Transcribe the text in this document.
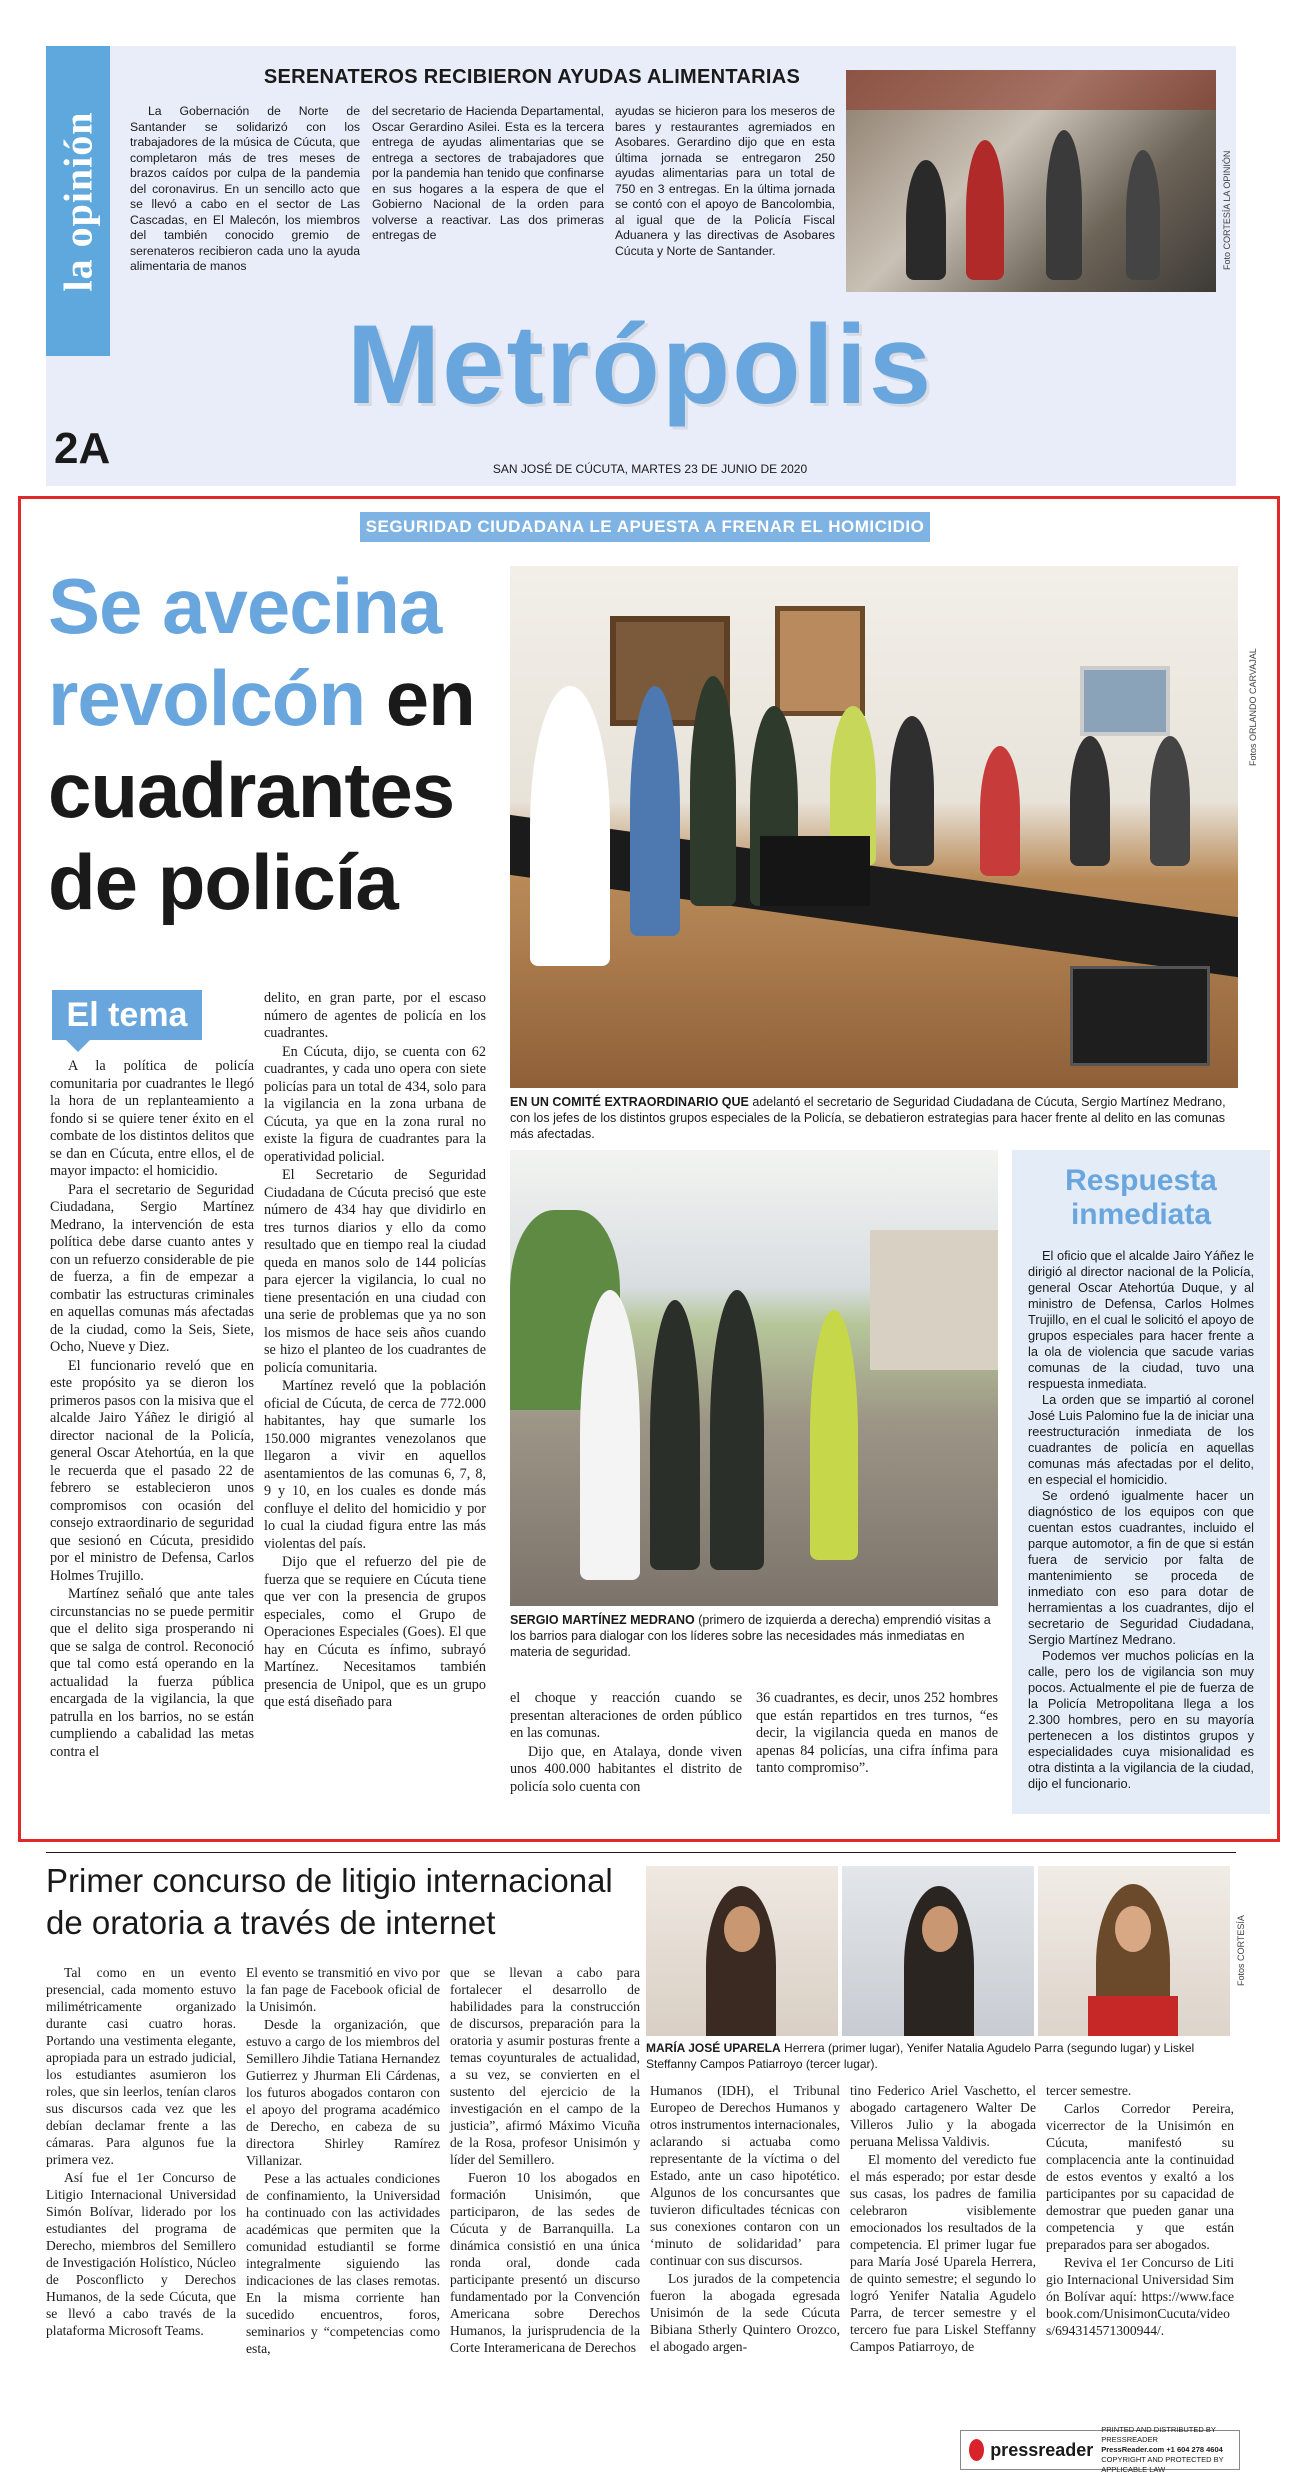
la opinión
SERENATEROS RECIBIERON AYUDAS ALIMENTARIAS

La Gobernación de Norte de Santander se solidarizó con los trabajadores de la música de Cúcuta, que completaron más de tres meses de brazos caídos por culpa de la pandemia del coronavirus. En un sencillo acto que se llevó a cabo en el sector de Las Cascadas, en El Malecón, los miembros del también conocido gremio de serenateros recibieron cada uno la ayuda alimentaria de manos

del secretario de Hacienda Departamental, Oscar Gerardino Asilei. Esta es la tercera entrega de ayudas alimentarias que se entrega a sectores de trabajadores que por la pandemia han tenido que confinarse en sus hogares a la espera de que el Gobierno Nacional de la orden para volverse a reactivar. Las dos primeras entregas de

ayudas se hicieron para los meseros de bares y restaurantes agremiados en Asobares. Gerardino dijo que en esta última jornada se entregaron 250 ayudas alimentarias para un total de 750 en 3 entregas. En la última jornada se contó con el apoyo de Bancolombia, al igual que de la Policía Fiscal Aduanera y las directivas de Asobares Cúcuta y Norte de Santander.	Foto CORTESÍA LA OPINIÓN
Metrópolis
2A	SAN JOSÉ DE CÚCUTA, MARTES 23 DE JUNIO DE 2020
SEGURIDAD CIUDADANA LE APUESTA A FRENAR EL HOMICIDIO
Se avecina
revolcón en
cuadrantes
de policía
Fotos ORLANDO CARVAJAL
EN UN COMITÉ EXTRAORDINARIO QUE adelantó el secretario de Seguridad Ciudadana de Cúcuta, Sergio Martínez Medrano, con los jefes de los distintos grupos especiales de la Policía, se debatieron estrategias para hacer frente al delito en las comunas más afectadas.
El tema

A la política de policía comunitaria por cuadrantes le llegó la hora de un replanteamiento a fondo si se quiere tener éxito en el combate de los distintos delitos que se dan en Cúcuta, entre ellos, el de mayor impacto: el homicidio.

Para el secretario de Seguridad Ciudadana, Sergio Martínez Medrano, la intervención de esta política debe darse cuanto antes y con un refuerzo considerable de pie de fuerza, a fin de empezar a combatir las estructuras criminales en aquellas comunas más afectadas de la ciudad, como la Seis, Siete, Ocho, Nueve y Diez.

El funcionario reveló que en este propósito ya se dieron los primeros pasos con la misiva que el alcalde Jairo Yáñez le dirigió al director nacional de la Policía, general Oscar Atehortúa, en la que le recuerda que el pasado 22 de febrero se establecieron unos compromisos con ocasión del consejo extraordinario de seguridad que sesionó en Cúcuta, presidido por el ministro de Defensa, Carlos Holmes Trujillo.

Martínez señaló que ante tales circunstancias no se puede permitir que el delito siga prosperando ni que se salga de control. Reconoció que tal como está operando en la actualidad la fuerza pública encargada de la vigilancia, la que patrulla en los barrios, no se están cumpliendo a cabalidad las metas contra el

delito, en gran parte, por el escaso número de agentes de policía en los cuadrantes.

En Cúcuta, dijo, se cuenta con 62 cuadrantes, y cada uno opera con siete policías para un total de 434, solo para la vigilancia en la zona urbana de Cúcuta, ya que en la zona rural no existe la figura de cuadrantes para la operatividad policial.

El Secretario de Seguridad Ciudadana de Cúcuta precisó que este número de 434 hay que dividirlo en tres turnos diarios y ello da como resultado que en tiempo real la ciudad queda en manos solo de 144 policías para ejercer la vigilancia, lo cual no tiene presentación en una ciudad con una serie de problemas que ya no son los mismos de hace seis años cuando se hizo el planteo de los cuadrantes de policía comunitaria.

Martínez reveló que la población oficial de Cúcuta, de cerca de 772.000 habitantes, hay que sumarle los 150.000 migrantes venezolanos que llegaron a vivir en aquellos asentamientos de las comunas 6, 7, 8, 9 y 10, en los cuales es donde más confluye el delito del homicidio y por lo cual la ciudad figura entre las más violentas del país.

Dijo que el refuerzo del pie de fuerza que se requiere en Cúcuta tiene que ver con la presencia de grupos especiales, como el Grupo de Operaciones Especiales (Goes). El que hay en Cúcuta es ínfimo, subrayó Martínez. Necesitamos también presencia de Unipol, que es un grupo que está diseñado para

SERGIO MARTÍNEZ MEDRANO (primero de izquierda a derecha) emprendió visitas a los barrios para dialogar con los líderes sobre las necesidades más inmediatas en materia de seguridad.

el choque y reacción cuando se presentan alteraciones de orden público en las comunas.

Dijo que, en Atalaya, donde viven unos 400.000 habitantes el distrito de policía solo cuenta con

36 cuadrantes, es decir, unos 252 hombres que están repartidos en tres turnos, “es decir, la vigilancia queda en manos de apenas 84 policías, una cifra ínfima para tanto compromiso”.

Respuesta
inmediata

El oficio que el alcalde Jairo Yáñez le dirigió al director nacional de la Policía, general Oscar Atehortúa Duque, y al ministro de Defensa, Carlos Holmes Trujillo, en el cual le solicitó el apoyo de grupos especiales para hacer frente a la ola de violencia que sacude varias comunas de la ciudad, tuvo una respuesta inmediata.

La orden que se impartió al coronel José Luis Palomino fue la de iniciar una reestructuración inmediata de los cuadrantes de policía en aquellas comunas más afectadas por el delito, en especial el homicidio.

Se ordenó igualmente hacer un diagnóstico de los equipos con que cuentan estos cuadrantes, incluido el parque automotor, a fin de que si están fuera de servicio por falta de mantenimiento se proceda de inmediato con eso para dotar de herramientas a los cuadrantes, dijo el secretario de Seguridad Ciudadana, Sergio Martínez Medrano.

Podemos ver muchos policías en la calle, pero los de vigilancia son muy pocos. Actualmente el pie de fuerza de la Policía Metropolitana llega a los 2.300 hombres, pero en su mayoría pertenecen a los distintos grupos y especialidades cuya misionalidad es otra distinta a la vigilancia de la ciudad, dijo el funcionario.

Primer concurso de litigio internacional
de oratoria a través de internet	Fotos CORTESÍA
MARÍA JOSÉ UPARELA Herrera (primer lugar), Yenifer Natalia Agudelo Parra (segundo lugar) y Liskel Steffanny Campos Patiarroyo (tercer lugar).

Tal como en un evento presencial, cada momento estuvo milimétricamente organizado durante casi cuatro horas. Portando una vestimenta elegante, apropiada para un estrado judicial, los estudiantes asumieron los roles, que sin leerlos, tenían claros sus discursos cada vez que les debían declamar frente a las cámaras. Para algunos fue la primera vez.

Así fue el 1er Concurso de Litigio Internacional Universidad Simón Bolívar, liderado por los estudiantes del programa de Derecho, miembros del Semillero de Investigación Holístico, Núcleo de Posconflicto y Derechos Humanos, de la sede Cúcuta, que se llevó a cabo través de la plataforma Microsoft Teams.

El evento se transmitió en vivo por la fan page de Facebook oficial de la Unisimón.

Desde la organización, que estuvo a cargo de los miembros del Semillero Jihdie Tatiana Hernandez Gutierrez y Jhurman Eli Cárdenas, los futuros abogados contaron con el apoyo del programa académico de Derecho, en cabeza de su directora Shirley Ramírez Villanizar.

Pese a las actuales condiciones de confinamiento, la Universidad ha continuado con las actividades académicas que permiten que la comunidad estudiantil se forme integralmente siguiendo las indicaciones de las clases remotas. En la misma corriente han sucedido encuentros, foros, seminarios y “competencias como esta,

que se llevan a cabo para fortalecer el desarrollo de habilidades para la construcción de discursos, preparación para la oratoria y asumir posturas frente a temas coyunturales de actualidad, a su vez, se convierten en el sustento del ejercicio de la investigación en el campo de la justicia”, afirmó Máximo Vicuña de la Rosa, profesor Unisimón y líder del Semillero.

Fueron 10 los abogados en formación Unisimón, que participaron, de las sedes de Cúcuta y de Barranquilla. La dinámica consistió en una única ronda oral, donde cada participante presentó un discurso fundamentado por la Convención Americana sobre Derechos Humanos, la jurisprudencia de la Corte Interamericana de Derechos

Humanos (IDH), el Tribunal Europeo de Derechos Humanos y otros instrumentos internacionales, aclarando si actuaba como representante de la víctima o del Estado, ante un caso hipotético. Algunos de los concursantes que tuvieron dificultades técnicas con sus conexiones contaron con un ‘minuto de solidaridad’ para continuar con sus discursos.

Los jurados de la competencia fueron la abogada egresada Unisimón de la sede Cúcuta Bibiana Stherly Quintero Orozco, el abogado argen-

tino Federico Ariel Vaschetto, el abogado cartagenero Walter De Villeros Julio y la abogada peruana Melissa Valdivis.

El momento del veredicto fue el más esperado; por estar desde sus casas, los padres de familia celebraron visiblemente emocionados los resultados de la competencia. El primer lugar fue para María José Uparela Herrera, de quinto semestre; el segundo lo logró Yenifer Natalia Agudelo Parra, de tercer semestre y el tercero fue para Liskel Steffanny Campos Patiarroyo, de

tercer semestre.

Carlos Corredor Pereira, vicerrector de la Unisimón en Cúcuta, manifestó su complacencia ante la continuidad de estos eventos y exaltó a los participantes por su capacidad de demostrar que pueden ganar una competencia y que están preparados para ser abogados.

Reviva el 1er Concurso de Litigio Internacional Universidad Simón Bolívar aquí: https://www.facebook.com/UnisimonCucuta/videos/694314571300944/.

pressreader
PRINTED AND DISTRIBUTED BY PRESSREADER
PressReader.com +1 604 278 4604
COPYRIGHT AND PROTECTED BY APPLICABLE LAW
